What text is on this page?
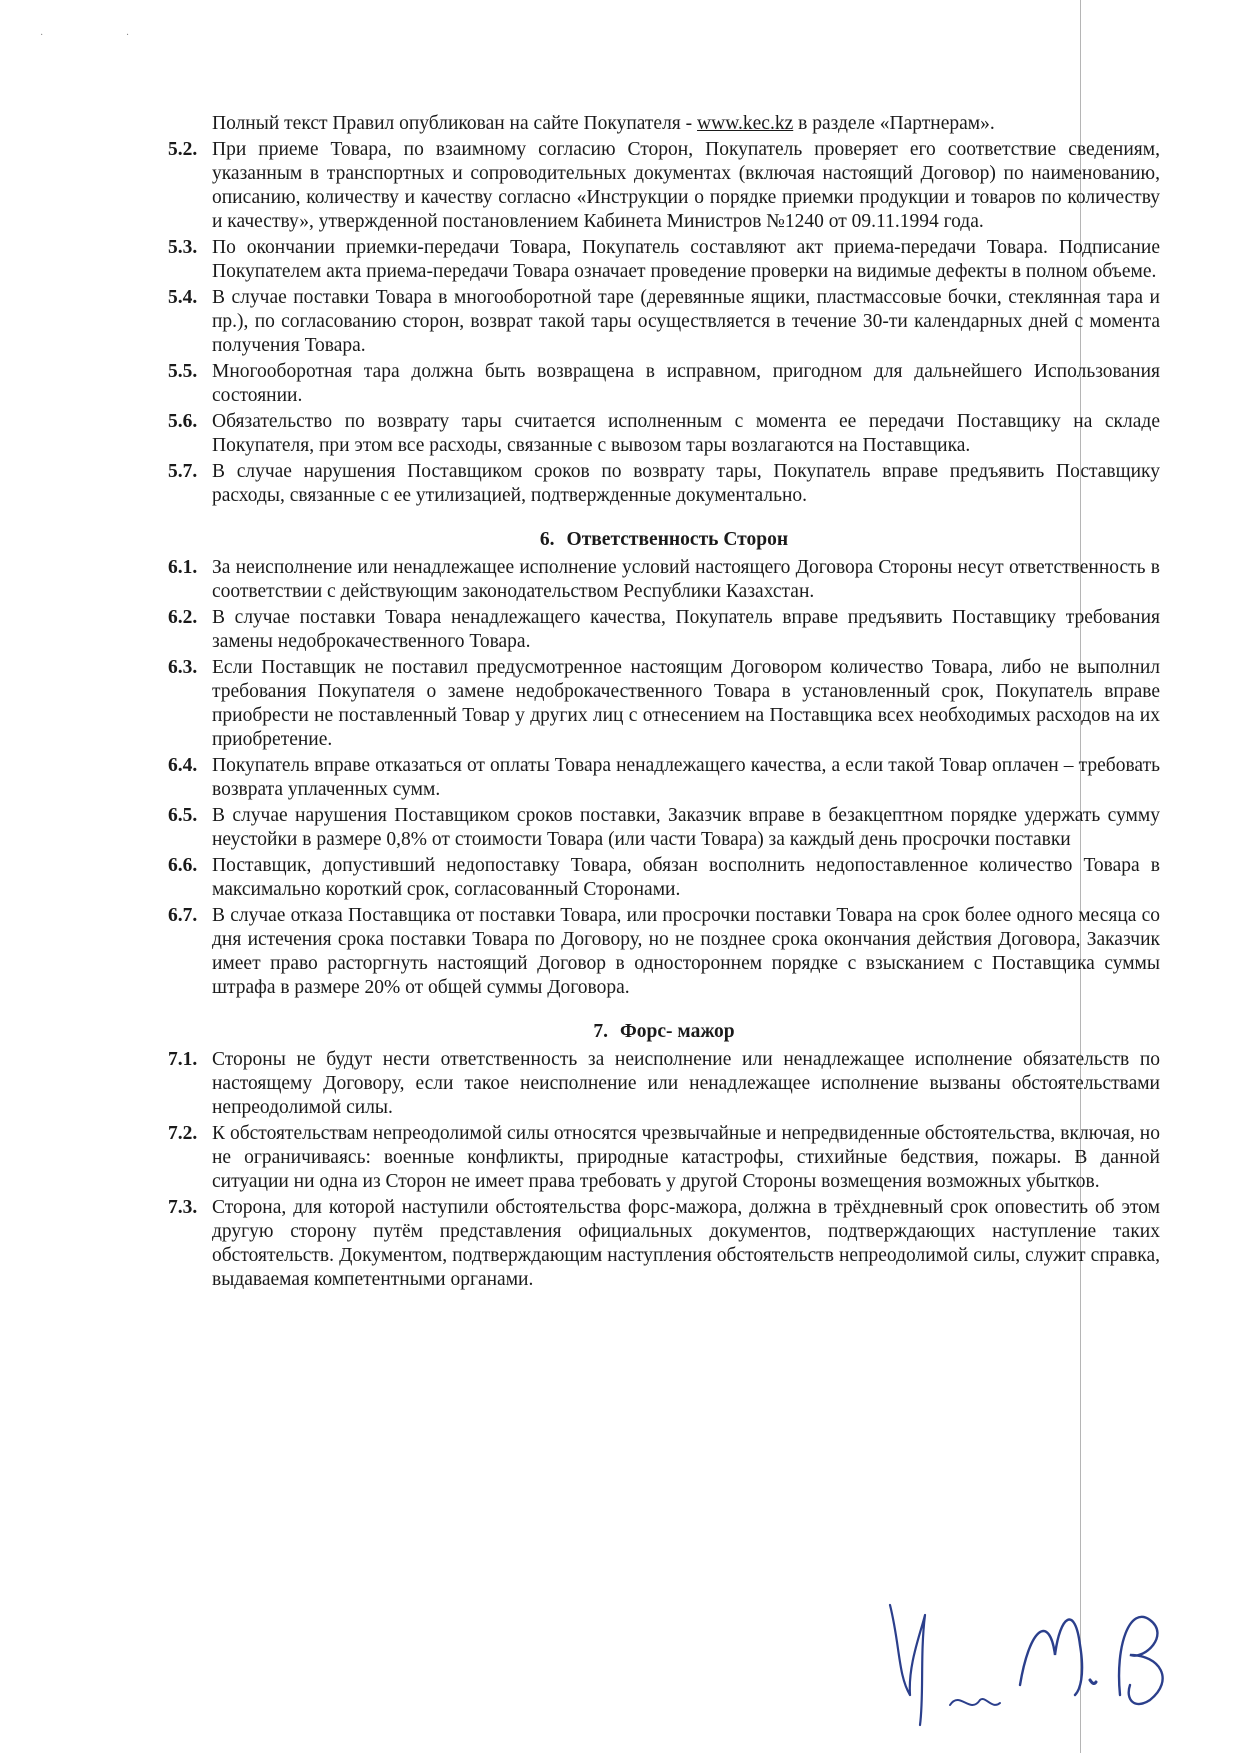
· ·
Полный текст Правил опубликован на сайте Покупателя - www.kec.kz в разделе «Партнерам».
5.2. При приеме Товара, по взаимному согласию Сторон, Покупатель проверяет его соответствие сведениям, указанным в транспортных и сопроводительных документах (включая настоящий Договор) по наименованию, описанию, количеству и качеству согласно «Инструкции о порядке приемки продукции и товаров по количеству и качеству», утвержденной постановлением Кабинета Министров №1240 от 09.11.1994 года.
5.3. По окончании приемки-передачи Товара, Покупатель составляют акт приема-передачи Товара. Подписание Покупателем акта приема-передачи Товара означает проведение проверки на видимые дефекты в полном объеме.
5.4. В случае поставки Товара в многооборотной таре (деревянные ящики, пластмассовые бочки, стеклянная тара и пр.), по согласованию сторон, возврат такой тары осуществляется в течение 30-ти календарных дней с момента получения Товара.
5.5. Многооборотная тара должна быть возвращена в исправном, пригодном для дальнейшего Использования состоянии.
5.6. Обязательство по возврату тары считается исполненным с момента ее передачи Поставщику на складе Покупателя, при этом все расходы, связанные с вывозом тары возлагаются на Поставщика.
5.7. В случае нарушения Поставщиком сроков по возврату тары, Покупатель вправе предъявить Поставщику расходы, связанные с ее утилизацией, подтвержденные документально.
6. Ответственность Сторон
6.1. За неисполнение или ненадлежащее исполнение условий настоящего Договора Стороны несут ответственность в соответствии с действующим законодательством Республики Казахстан.
6.2. В случае поставки Товара ненадлежащего качества, Покупатель вправе предъявить Поставщику требования замены недоброкачественного Товара.
6.3. Если Поставщик не поставил предусмотренное настоящим Договором количество Товара, либо не выполнил требования Покупателя о замене недоброкачественного Товара в установленный срок, Покупатель вправе приобрести не поставленный Товар у других лиц с отнесением на Поставщика всех необходимых расходов на их приобретение.
6.4. Покупатель вправе отказаться от оплаты Товара ненадлежащего качества, а если такой Товар оплачен – требовать возврата уплаченных сумм.
6.5. В случае нарушения Поставщиком сроков поставки, Заказчик вправе в безакцептном порядке удержать сумму неустойки в размере 0,8% от стоимости Товара (или части Товара) за каждый день просрочки поставки
6.6. Поставщик, допустивший недопоставку Товара, обязан восполнить недопоставленное количество Товара в максимально короткий срок, согласованный Сторонами.
6.7. В случае отказа Поставщика от поставки Товара, или просрочки поставки Товара на срок более одного месяца со дня истечения срока поставки Товара по Договору, но не позднее срока окончания действия Договора, Заказчик имеет право расторгнуть настоящий Договор в одностороннем порядке с взысканием с Поставщика суммы штрафа в размере 20% от общей суммы Договора.
7. Форс- мажор
7.1. Стороны не будут нести ответственность за неисполнение или ненадлежащее исполнение обязательств по настоящему Договору, если такое неисполнение или ненадлежащее исполнение вызваны обстоятельствами непреодолимой силы.
7.2. К обстоятельствам непреодолимой силы относятся чрезвычайные и непредвиденные обстоятельства, включая, но не ограничиваясь: военные конфликты, природные катастрофы, стихийные бедствия, пожары. В данной ситуации ни одна из Сторон не имеет права требовать у другой Стороны возмещения возможных убытков.
7.3. Сторона, для которой наступили обстоятельства форс-мажора, должна в трёхдневный срок оповестить об этом другую сторону путём представления официальных документов, подтверждающих наступление таких обстоятельств. Документом, подтверждающим наступления обстоятельств непреодолимой силы, служит справка, выдаваемая компетентными органами.
